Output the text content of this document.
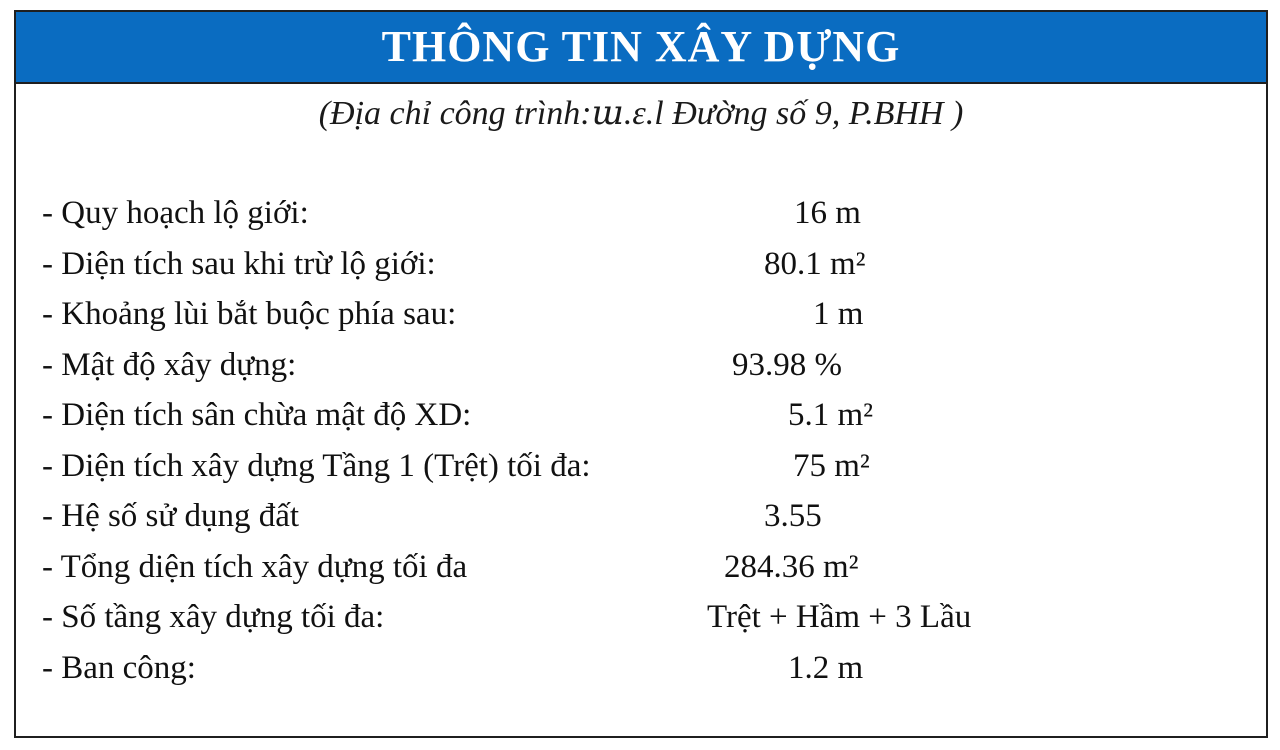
THÔNG TIN XÂY DỰNG
(Địa chỉ công trình:ա.ɛ.l Đường số 9, P.BHH )
- Quy hoạch lộ giới:	16 m
- Diện tích sau khi trừ lộ giới:	80.1 m²
- Khoảng lùi bắt buộc phía sau:	1 m
- Mật độ xây dựng:	93.98 %
- Diện tích sân chừa mật độ XD:	5.1 m²
- Diện tích xây dựng Tầng 1 (Trệt) tối đa:	75 m²
- Hệ số sử dụng đất	3.55
- Tổng diện tích xây dựng tối đa	284.36 m²
- Số tầng xây dựng tối đa:	Trệt + Hầm + 3 Lầu
- Ban công:	1.2 m
